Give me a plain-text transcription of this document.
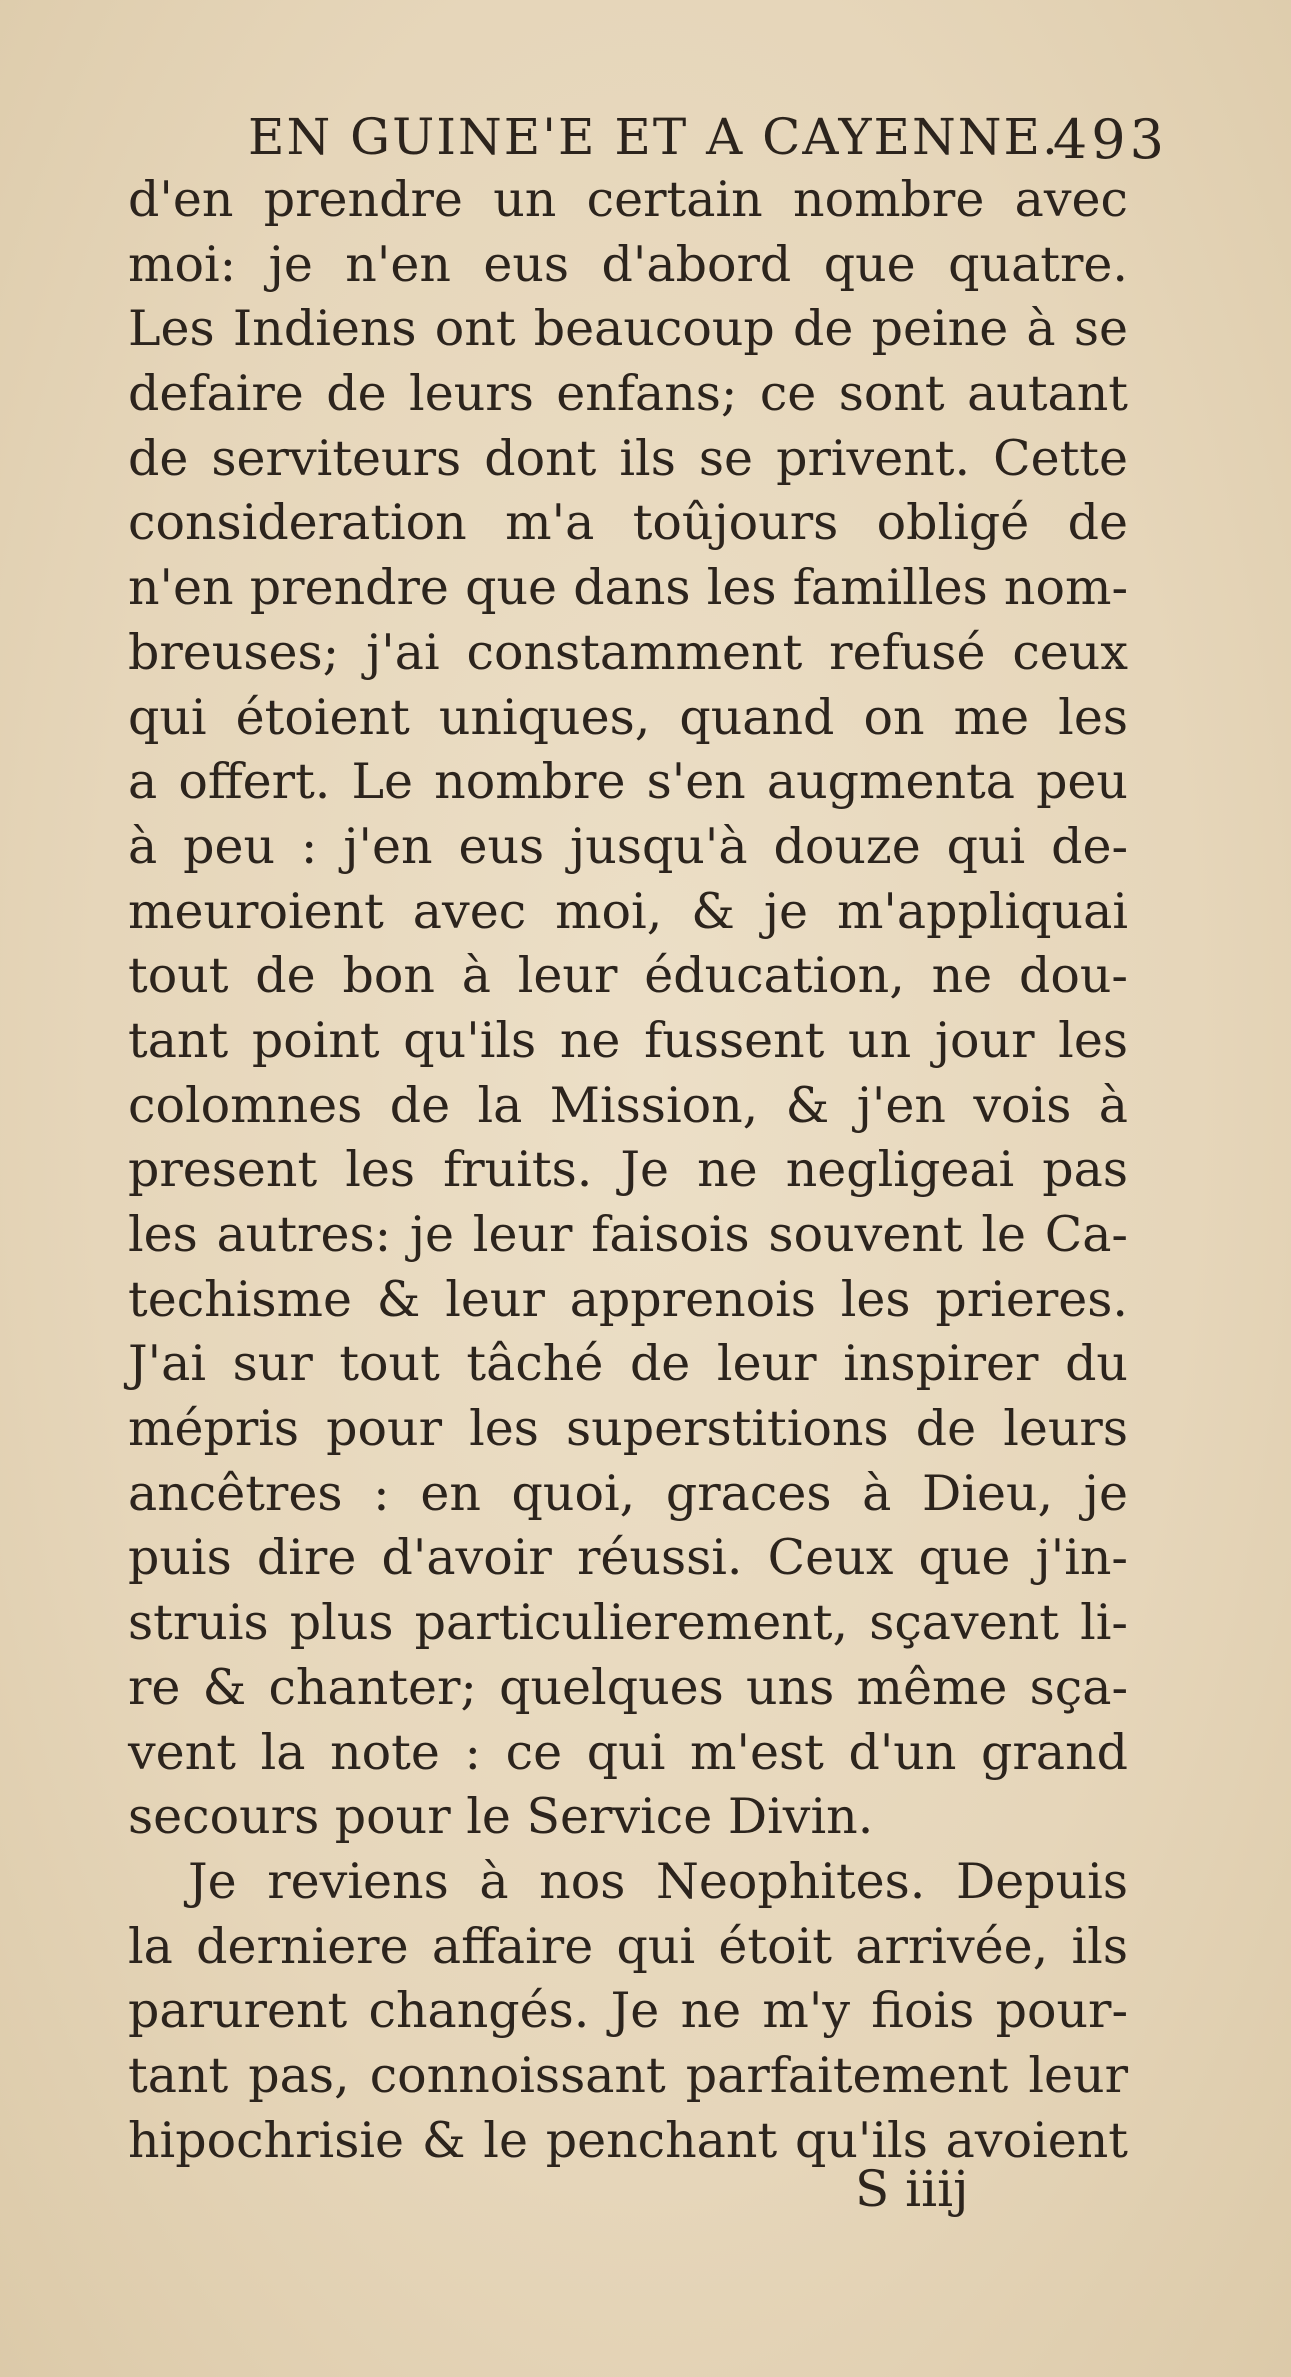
EN GUINE'E ET A CAYENNE.
493
d'en prendre un certain nombre avec
moi: je n'en eus d'abord que quatre.
Les Indiens ont beaucoup de peine à se
defaire de leurs enfans; ce sont autant
de serviteurs dont ils se privent. Cette
consideration m'a toûjours obligé de
n'en prendre que dans les familles nom-
breuses; j'ai constamment refusé ceux
qui étoient uniques, quand on me les
a offert. Le nombre s'en augmenta peu
à peu : j'en eus jusqu'à douze qui de-
meuroient avec moi, & je m'appliquai
tout de bon à leur éducation, ne dou-
tant point qu'ils ne fussent un jour les
colomnes de la Mission, & j'en vois à
present les fruits. Je ne negligeai pas
les autres: je leur faisois souvent le Ca-
techisme & leur apprenois les prieres.
J'ai sur tout tâché de leur inspirer du
mépris pour les superstitions de leurs
ancêtres : en quoi, graces à Dieu, je
puis dire d'avoir réussi. Ceux que j'in-
struis plus particulierement, sçavent li-
re & chanter; quelques uns même sça-
vent la note : ce qui m'est d'un grand
secours pour le Service Divin.
Je reviens à nos Neophites. Depuis
la derniere affaire qui étoit arrivée, ils
parurent changés. Je ne m'y fiois pour-
tant pas, connoissant parfaitement leur
hipochrisie & le penchant qu'ils avoient
S iiij
